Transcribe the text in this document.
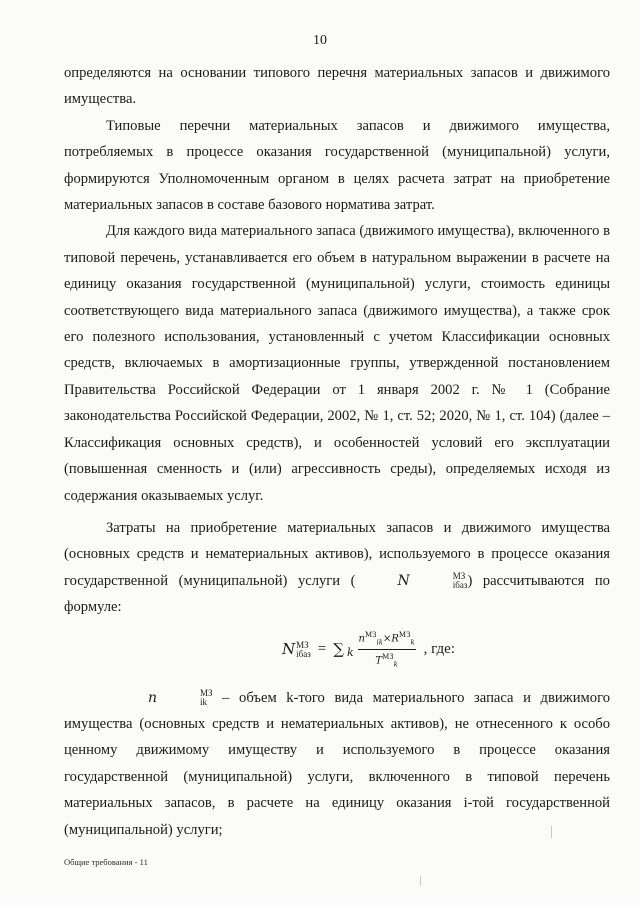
10

определяются на основании типового перечня материальных запасов и движимого имущества.

Типовые перечни материальных запасов и движимого имущества, потребляемых в процессе оказания государственной (муниципальной) услуги, формируются Уполномоченным органом в целях расчета затрат на приобретение материальных запасов в составе базового норматива затрат.

Для каждого вида материального запаса (движимого имущества), включенного в типовой перечень, устанавливается его объем в натуральном выражении в расчете на единицу оказания государственной (муниципальной) услуги, стоимость единицы соответствующего вида материального запаса (движимого имущества), а также срок его полезного использования, установленный с учетом Классификации основных средств, включаемых в амортизационные группы, утвержденной постановлением Правительства Российской Федерации от 1 января 2002 г. № 1 (Собрание законодательства Российской Федерации, 2002, № 1, ст. 52; 2020, № 1, ст. 104) (далее – Классификация основных средств), и особенностей условий его эксплуатации (повышенная сменность и (или) агрессивность среды), определяемых исходя из содержания оказываемых услуг.

Затраты на приобретение материальных запасов и движимого имущества (основных средств и нематериальных активов), используемого в процессе оказания государственной (муниципальной) услуги (	N	МЗ
iбаз ) рассчитываются по формуле:

N МЗ
iбаз = ∑ k $\frac{n^{МЗ}_{ik}\times R^{МЗ}_k}{T^{МЗ}_k}$ , где:

n	МЗ
ik	– объем k-того вида материального запаса и движимого имущества (основных средств и нематериальных активов), не отнесенного к особо ценному движимому имуществу и используемого в процессе оказания государственной (муниципальной) услуги, включенного в типовой перечень материальных запасов, в расчете на единицу оказания i-той государственной (муниципальной) услуги;

Общие требования - 11
